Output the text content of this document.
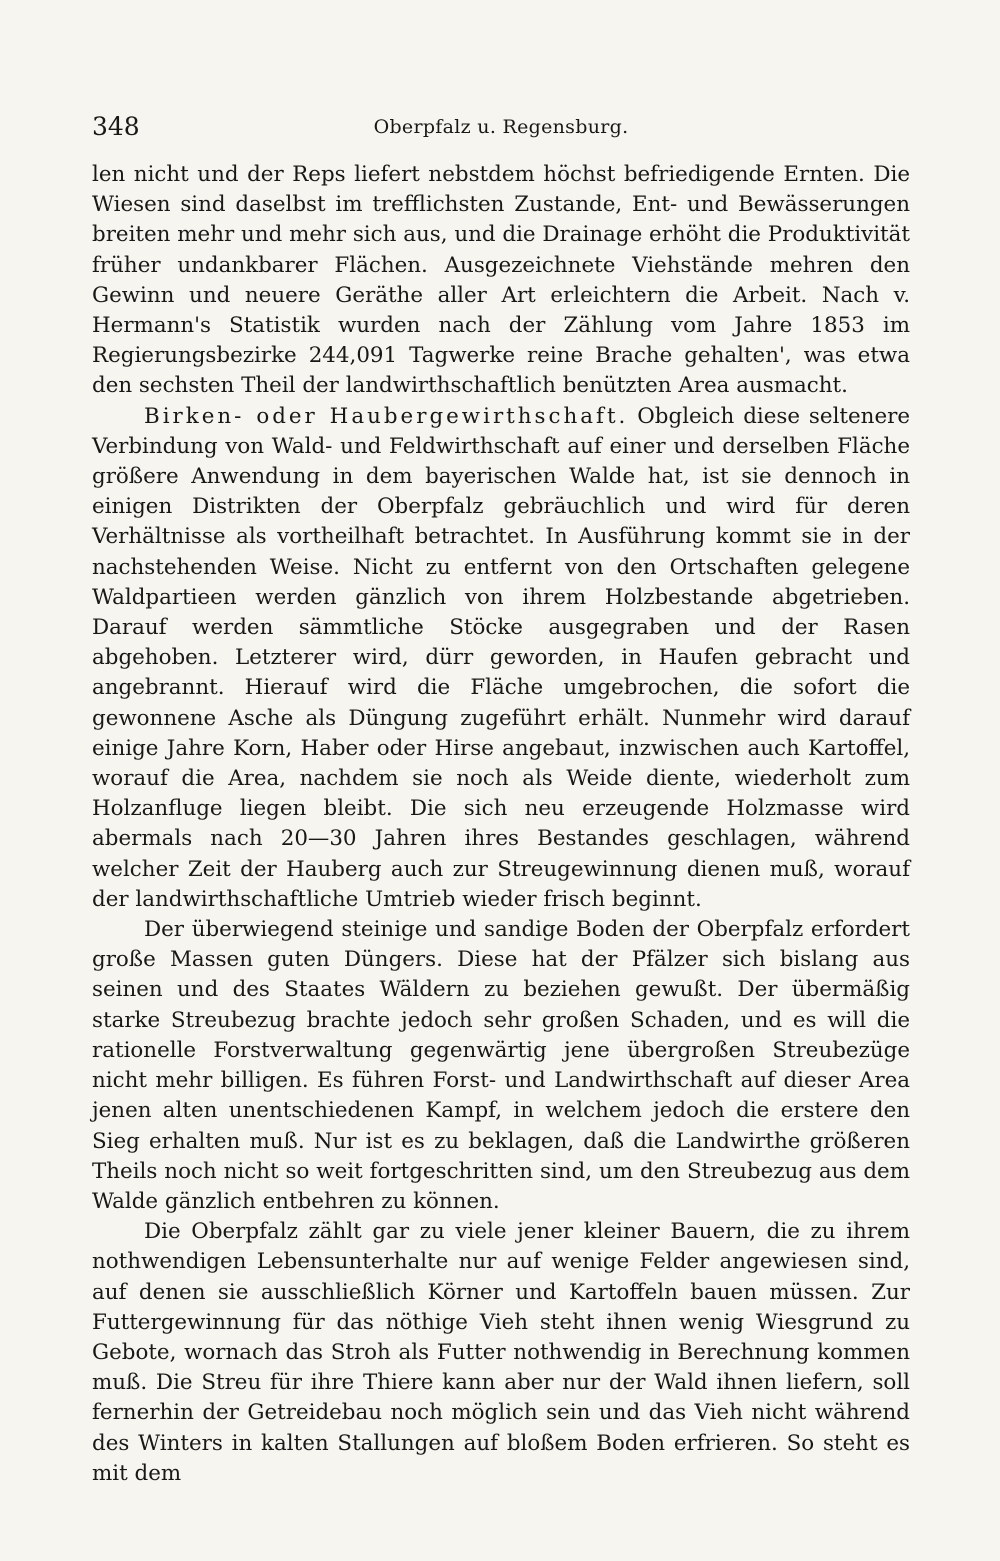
348	Oberpfalz u. Regensburg.

len nicht und der Reps liefert nebstdem höchst befriedigende Ernten. Die Wiesen sind daselbst im trefflichsten Zustande, Ent- und Bewässerungen breiten mehr und mehr sich aus, und die Drainage erhöht die Produktivität früher undankbarer Flächen. Ausgezeichnete Viehstände mehren den Gewinn und neuere Geräthe aller Art erleichtern die Arbeit. Nach v. Hermann's Statistik wurden nach der Zählung vom Jahre 1853 im Regierungsbezirke 244,091 Tagwerke reine Brache gehalten', was etwa den sechsten Theil der landwirthschaftlich benützten Area ausmacht.

Birken- oder Haubergewirthschaft. Obgleich diese seltenere Verbindung von Wald- und Feldwirthschaft auf einer und derselben Fläche größere Anwendung in dem bayerischen Walde hat, ist sie dennoch in einigen Distrikten der Oberpfalz gebräuchlich und wird für deren Verhältnisse als vortheilhaft betrachtet. In Ausführung kommt sie in der nachstehenden Weise. Nicht zu entfernt von den Ortschaften gelegene Waldpartieen werden gänzlich von ihrem Holzbestande abgetrieben. Darauf werden sämmtliche Stöcke ausgegraben und der Rasen abgehoben. Letzterer wird, dürr geworden, in Haufen gebracht und angebrannt. Hierauf wird die Fläche umgebrochen, die sofort die gewonnene Asche als Düngung zugeführt erhält. Nunmehr wird darauf einige Jahre Korn, Haber oder Hirse angebaut, inzwischen auch Kartoffel, worauf die Area, nachdem sie noch als Weide diente, wiederholt zum Holzanfluge liegen bleibt. Die sich neu erzeugende Holzmasse wird abermals nach 20—30 Jahren ihres Bestandes geschlagen, während welcher Zeit der Hauberg auch zur Streugewinnung dienen muß, worauf der landwirthschaftliche Umtrieb wieder frisch beginnt.

Der überwiegend steinige und sandige Boden der Oberpfalz erfordert große Massen guten Düngers. Diese hat der Pfälzer sich bislang aus seinen und des Staates Wäldern zu beziehen gewußt. Der übermäßig starke Streubezug brachte jedoch sehr großen Schaden, und es will die rationelle Forstverwaltung gegenwärtig jene übergroßen Streubezüge nicht mehr billigen. Es führen Forst- und Landwirthschaft auf dieser Area jenen alten unentschiedenen Kampf, in welchem jedoch die erstere den Sieg erhalten muß. Nur ist es zu beklagen, daß die Landwirthe größeren Theils noch nicht so weit fortgeschritten sind, um den Streubezug aus dem Walde gänzlich entbehren zu können.

Die Oberpfalz zählt gar zu viele jener kleiner Bauern, die zu ihrem nothwendigen Lebensunterhalte nur auf wenige Felder angewiesen sind, auf denen sie ausschließlich Körner und Kartoffeln bauen müssen. Zur Futtergewinnung für das nöthige Vieh steht ihnen wenig Wiesgrund zu Gebote, wornach das Stroh als Futter nothwendig in Berechnung kommen muß. Die Streu für ihre Thiere kann aber nur der Wald ihnen liefern, soll fernerhin der Getreidebau noch möglich sein und das Vieh nicht während des Winters in kalten Stallungen auf bloßem Boden erfrieren. So steht es mit dem
